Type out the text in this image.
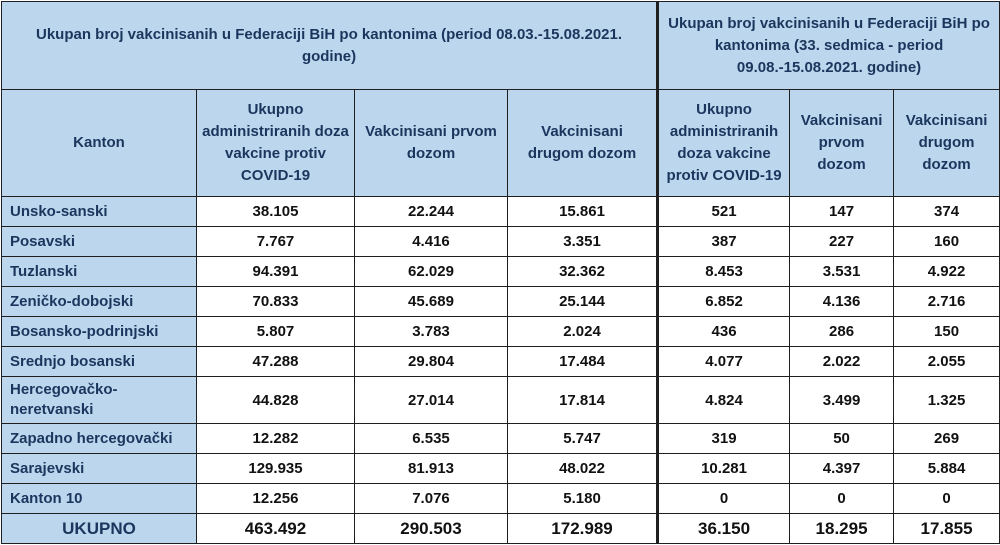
Ukupan broj vakcinisanih u Federaciji BiH po kantonima (period 08.03.-15.08.2021. godine)				Ukupan broj vakcinisanih u Federaciji BiH po kantonima (33. sedmica - period 09.08.-15.08.2021. godine)		
Kanton	Ukupno administriranih doza vakcine protiv COVID-19	Vakcinisani prvom dozom	Vakcinisani drugom dozom	Ukupno administriranih doza vakcine protiv COVID-19	Vakcinisani prvom dozom	Vakcinisani drugom dozom
Unsko-sanski	38.105	22.244	15.861	521	147	374
Posavski	7.767	4.416	3.351	387	227	160
Tuzlanski	94.391	62.029	32.362	8.453	3.531	4.922
Zeničko-dobojski	70.833	45.689	25.144	6.852	4.136	2.716
Bosansko-podrinjski	5.807	3.783	2.024	436	286	150
Srednjo bosanski	47.288	29.804	17.484	4.077	2.022	2.055
Hercegovačko-neretvanski	44.828	27.014	17.814	4.824	3.499	1.325
Zapadno hercegovački	12.282	6.535	5.747	319	50	269
Sarajevski	129.935	81.913	48.022	10.281	4.397	5.884
Kanton 10	12.256	7.076	5.180	0	0	0
UKUPNO	463.492	290.503	172.989	36.150	18.295	17.855
